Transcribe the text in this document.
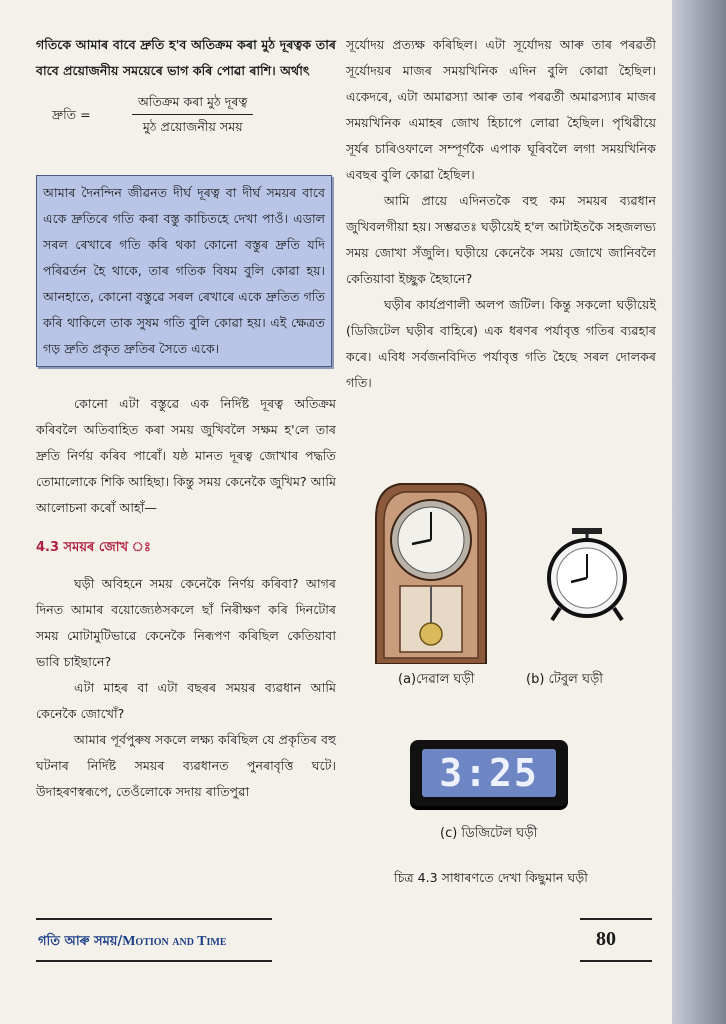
গতিকে আমাৰ বাবে দ্ৰুতি হ'ব অতিক্ৰম কৰা মুঠ দূৰত্বক তাৰ বাবে প্ৰয়োজনীয় সময়েৰে ভাগ কৰি পোৱা ৰাশি। অৰ্থাৎ

দ্ৰুতি =	$\frac{\text{অতিক্ৰম কৰা মুঠ দূৰত্ব}}{\text{মুঠ প্ৰয়োজনীয় সময়}}$

আমাৰ দৈনন্দিন জীৱনত দীৰ্ঘ দূৰত্ব বা দীৰ্ঘ সময়ৰ বাবে একে দ্ৰুতিৰে গতি কৰা বস্তু কাচিতহে দেখা পাওঁ। এডাল সৰল ৰেখাৰে গতি কৰি থকা কোনো বস্তুৰ দ্ৰুতি যদি পৰিৱৰ্তন হৈ থাকে, তাৰ গতিক বিষম বুলি কোৱা হয়। আনহাতে, কোনো বস্তুৱে সৰল ৰেখাৰে একে দ্ৰুতিত গতি কৰি থাকিলে তাক সুষম গতি বুলি কোৱা হয়। এই ক্ষেত্ৰত গড় দ্ৰুতি প্ৰকৃত দ্ৰুতিৰ সৈতে একে।

কোনো এটা বস্তুৱে এক নিৰ্দিষ্ট দূৰত্ব অতিক্ৰম কৰিবলৈ অতিবাহিত কৰা সময় জুখিবলৈ সক্ষম হ'লে তাৰ দ্ৰুতি নিৰ্ণয় কৰিব পাৰোঁ। যষ্ঠ মানত দূৰত্ব জোখাৰ পদ্ধতি তোমালোকে শিকি আহিছা। কিন্তু সময় কেনেকৈ জুখিম? আমি আলোচনা কৰোঁ আহাঁ—

4.3 সময়ৰ জোখ ঃ

ঘড়ী অবিহনে সময় কেনেকৈ নিৰ্ণয় কৰিবা? আগৰ দিনত আমাৰ বয়োজ্যেষ্ঠসকলে ছাঁ নিৰীক্ষণ কৰি দিনটোৰ সময় মোটামুটিভাৱে কেনেকৈ নিৰূপণ কৰিছিল কেতিয়াবা ভাবি চাইছানে?

এটা মাহৰ বা এটা বছৰৰ সময়ৰ ব্যৱধান আমি কেনেকৈ জোখোঁ?

আমাৰ পূৰ্বপুৰুষ সকলে লক্ষ্য কৰিছিল যে প্ৰকৃতিৰ বহু ঘটনাৰ নিৰ্দিষ্ট সময়ৰ ব্যৱধানত পুনৰাবৃত্তি ঘটে। উদাহৰণস্বৰূপে, তেওঁলোকে সদায় ৰাতিপুৱা

সূৰ্যোদয় প্ৰত্যক্ষ কৰিছিল। এটা সূৰ্যোদয় আৰু তাৰ পৰৱৰ্তী সূৰ্যোদয়ৰ মাজৰ সময়খিনিক এদিন বুলি কোৱা হৈছিল। একেদৰে, এটা অমাৱস্যা আৰু তাৰ পৰৱৰ্তী অমাৱস্যাৰ মাজৰ সময়খিনিক এমাহৰ জোখ হিচাপে লোৱা হৈছিল। পৃথিৱীয়ে সূৰ্যৰ চাৰিওফালে সম্পূৰ্ণকৈ এপাক ঘূৰিবলৈ লগা সময়খিনিক এবছৰ বুলি কোৱা হৈছিল।

আমি প্ৰায়ে এদিনতকৈ বহু কম সময়ৰ ব্যৱধান জুখিবলগীয়া হয়। সম্ভৱতঃ ঘড়ীয়েই হ'ল আটাইতকৈ সহজলভ্য সময় জোখা সঁজুলি। ঘড়ীয়ে কেনেকৈ সময় জোখে জানিবলৈ কেতিয়াবা ইচ্ছুক হৈছানে?

ঘড়ীৰ কাৰ্যপ্ৰণালী অলপ জটিল। কিন্তু সকলো ঘড়ীয়েই (ডিজিটেল ঘড়ীৰ বাহিৰে) এক ধৰণৰ পৰ্যাবৃত্ত গতিৰ ব্যৱহাৰ কৰে। এবিধ সৰ্বজনবিদিত পৰ্যাবৃত্ত গতি হৈছে সৰল দোলকৰ গতি।

(a)দেৱাল ঘড়ী	(b) টেবুল ঘড়ী
3:25
(c) ডিজিটেল ঘড়ী
চিত্ৰ 4.3 সাধাৰণতে দেখা কিছুমান ঘড়ী
গতি আৰু সময়/Motion and Time	80
